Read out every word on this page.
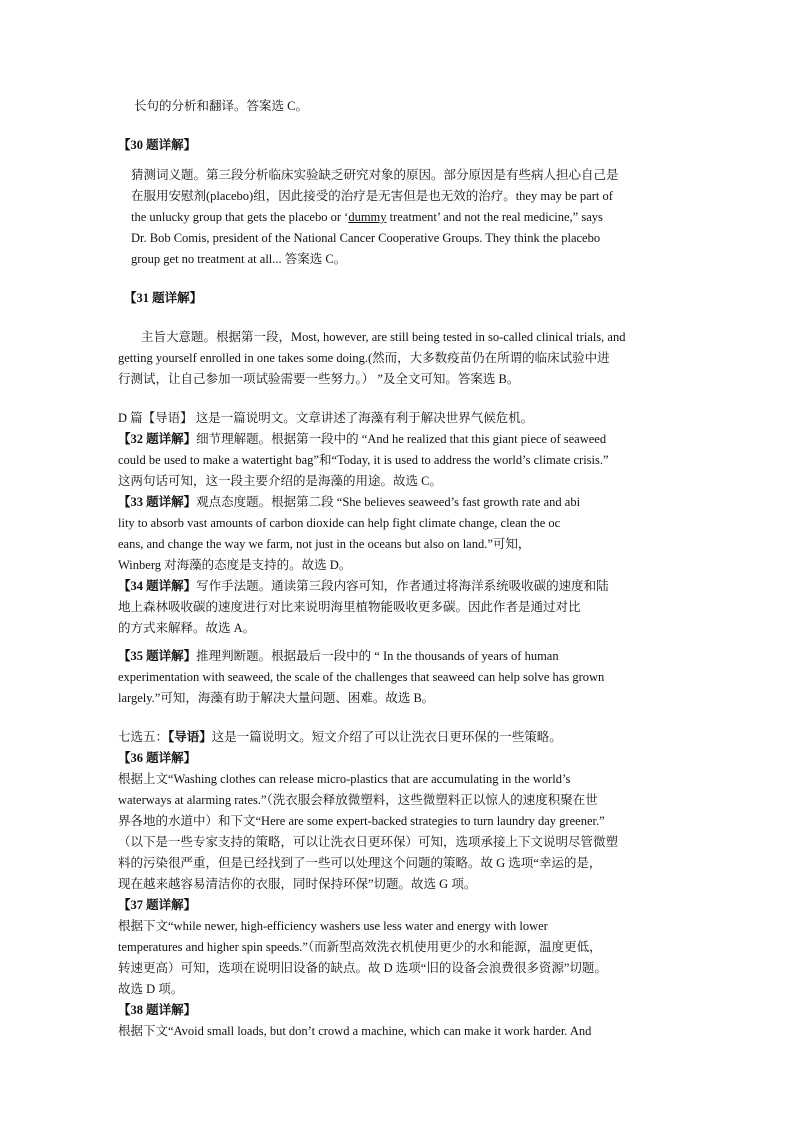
长句的分析和翻译。答案选 C。

【30 题详解】

猜测词义题。第三段分析临床实验缺乏研究对象的原因。部分原因是有些病人担心自己是

在服用安慰剂(placebo)组，因此接受的治疗是无害但是也无效的治疗。they may be part of

the unlucky group that gets the placebo or ‘dummy treatment’ and not the real medicine,” says

Dr. Bob Comis, president of the National Cancer Cooperative Groups. They think the placebo

group get no treatment at all... 答案选 C。

【31 题详解】

主旨大意题。根据第一段，Most, however, are still being tested in so-called clinical trials, and

getting yourself enrolled in one takes some doing.(然而，大多数疫苗仍在所谓的临床试验中进

行测试，让自己参加一项试验需要一些努力。） ”及全文可知。答案选 B。

D 篇【导语】 这是一篇说明文。文章讲述了海藻有利于解决世界气候危机。

【32 题详解】细节理解题。根据第一段中的 “And he realized that this giant piece of seaweed

could be used to make a watertight bag”和“Today, it is used to address the world’s climate crisis.”

这两句话可知，这一段主要介绍的是海藻的用途。故选 C。

【33 题详解】观点态度题。根据第二段 “She believes seaweed’s fast growth rate and abi

lity to absorb vast amounts of carbon dioxide can help fight climate change, clean the oc

eans, and change the way we farm, not just in the oceans but also on land.”可知，

Winberg 对海藻的态度是支持的。故选 D。

【34 题详解】写作手法题。通读第三段内容可知，作者通过将海洋系统吸收碳的速度和陆

地上森林吸收碳的速度进行对比来说明海里植物能吸收更多碳。因此作者是通过对比

的方式来解释。故选 A。

【35 题详解】推理判断题。根据最后一段中的 “ In the thousands of years of human

experimentation with seaweed, the scale of the challenges that seaweed can help solve has grown

largely.”可知，海藻有助于解决大量问题、困难。故选 B。

七选五：【导语】这是一篇说明文。短文介绍了可以让洗衣日更环保的一些策略。

【36 题详解】

根据上文“Washing clothes can release micro-plastics that are accumulating in the world’s

waterways at alarming rates.”（洗衣服会释放微塑料，这些微塑料正以惊人的速度积聚在世

界各地的水道中）和下文“Here are some expert-backed strategies to turn laundry day greener.”

（以下是一些专家支持的策略，可以让洗衣日更环保）可知，选项承接上下文说明尽管微塑

料的污染很严重，但是已经找到了一些可以处理这个问题的策略。故 G 选项“幸运的是，

现在越来越容易清洁你的衣服，同时保持环保”切题。故选 G 项。

【37 题详解】

根据下文“while newer, high-efficiency washers use less water and energy with lower

temperatures and higher spin speeds.”（而新型高效洗衣机使用更少的水和能源，温度更低，

转速更高）可知，选项在说明旧设备的缺点。故 D 选项“旧的设备会浪费很多资源”切题。

故选 D 项。

【38 题详解】

根据下文“Avoid small loads, but don’t crowd a machine, which can make it work harder. And
